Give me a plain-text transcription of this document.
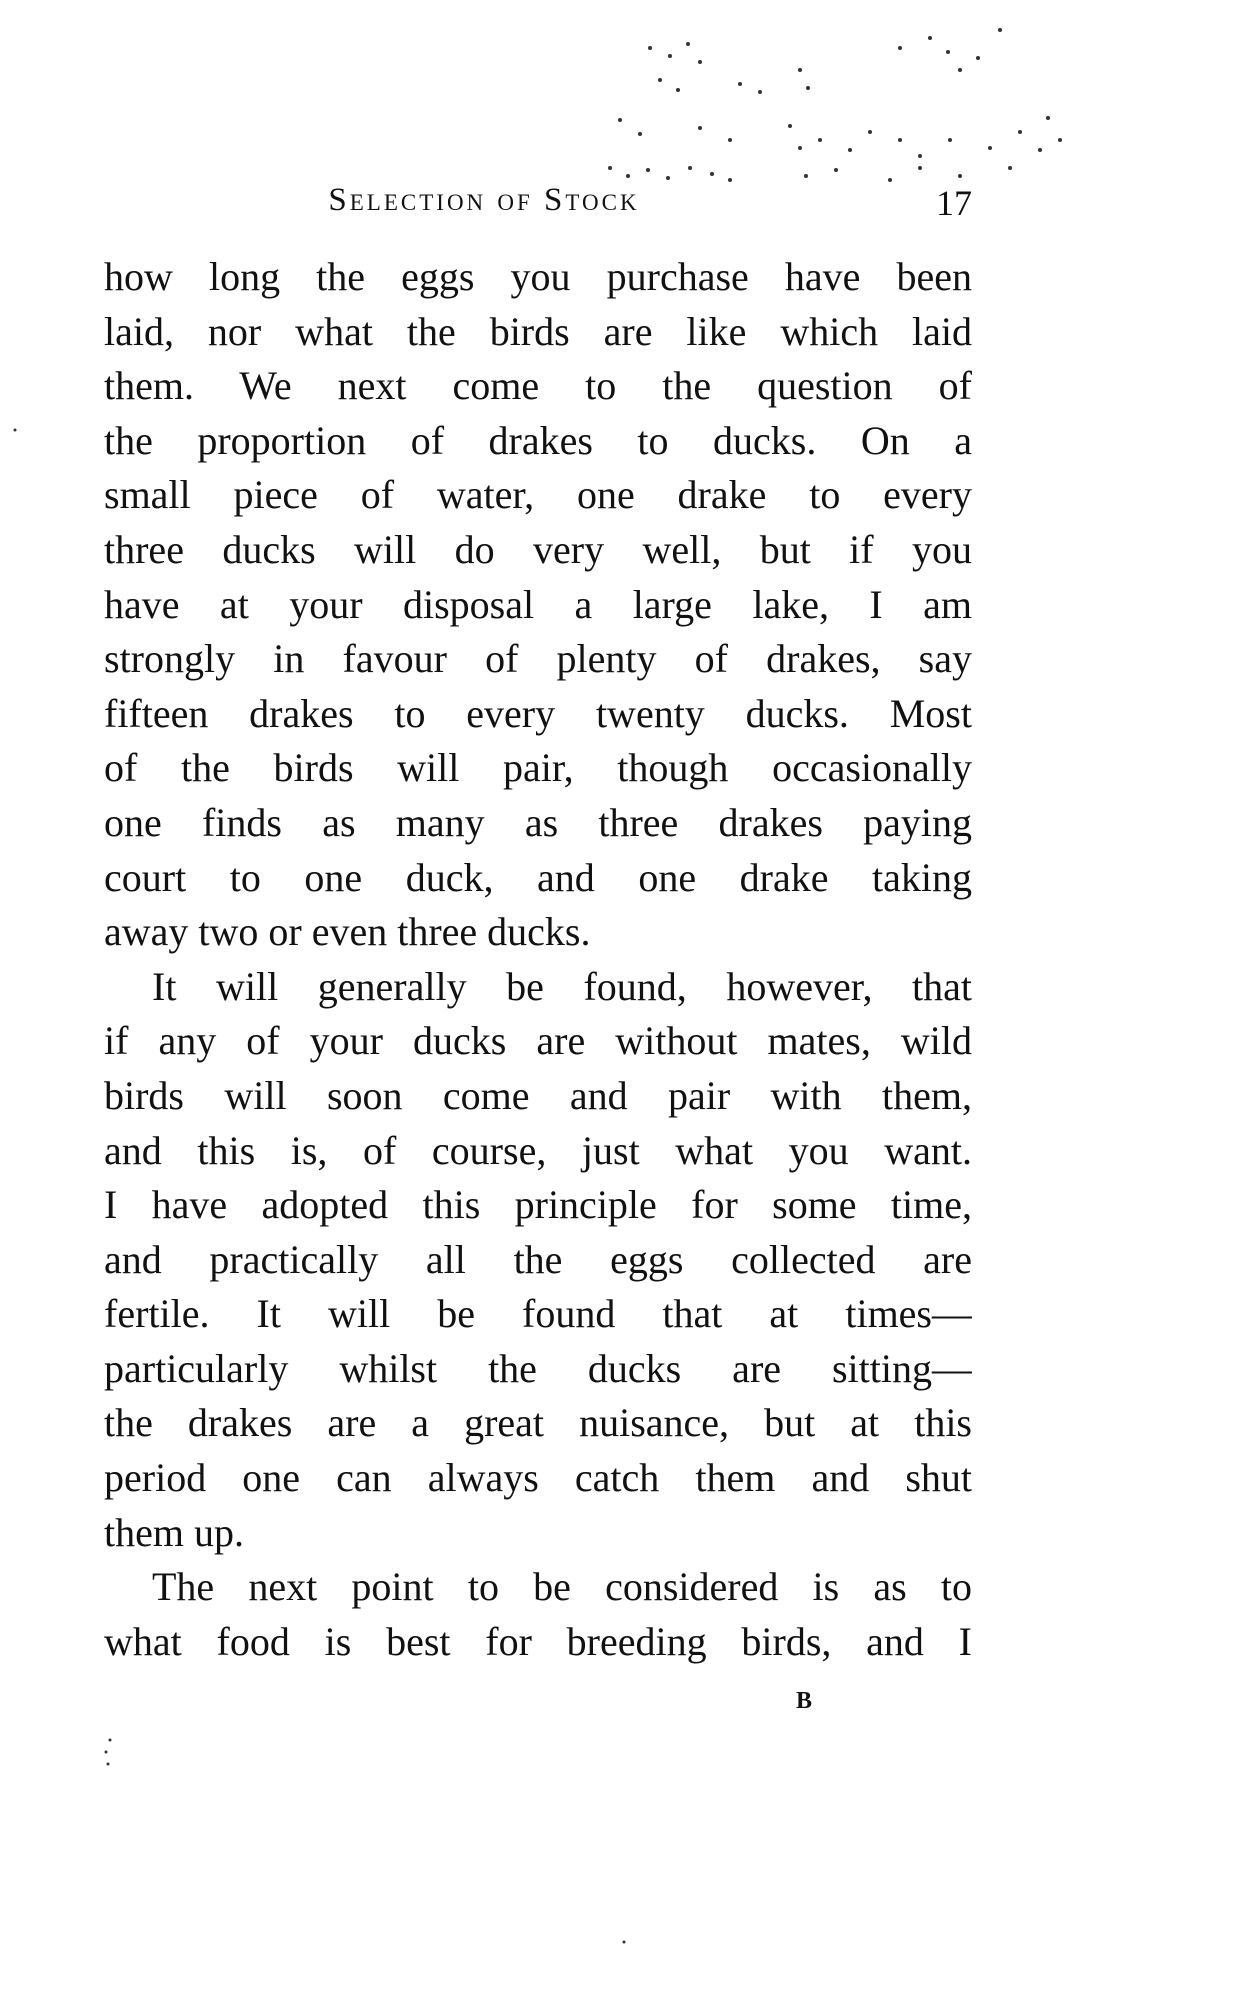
Selection of Stock	17
how long the eggs you purchase have been
laid, nor what the birds are like which laid
them. We next come to the question of
the proportion of drakes to ducks. On a
small piece of water, one drake to every
three ducks will do very well, but if you
have at your disposal a large lake, I am
strongly in favour of plenty of drakes, say
fifteen drakes to every twenty ducks. Most
of the birds will pair, though occasionally
one finds as many as three drakes paying
court to one duck, and one drake taking
away two or even three ducks.
It will generally be found, however, that
if any of your ducks are without mates, wild
birds will soon come and pair with them,
and this is, of course, just what you want.
I have adopted this principle for some time,
and practically all the eggs collected are
fertile. It will be found that at times—
particularly whilst the ducks are sitting—
the drakes are a great nuisance, but at this
period one can always catch them and shut
them up.
The next point to be considered is as to
what food is best for breeding birds, and I
B
